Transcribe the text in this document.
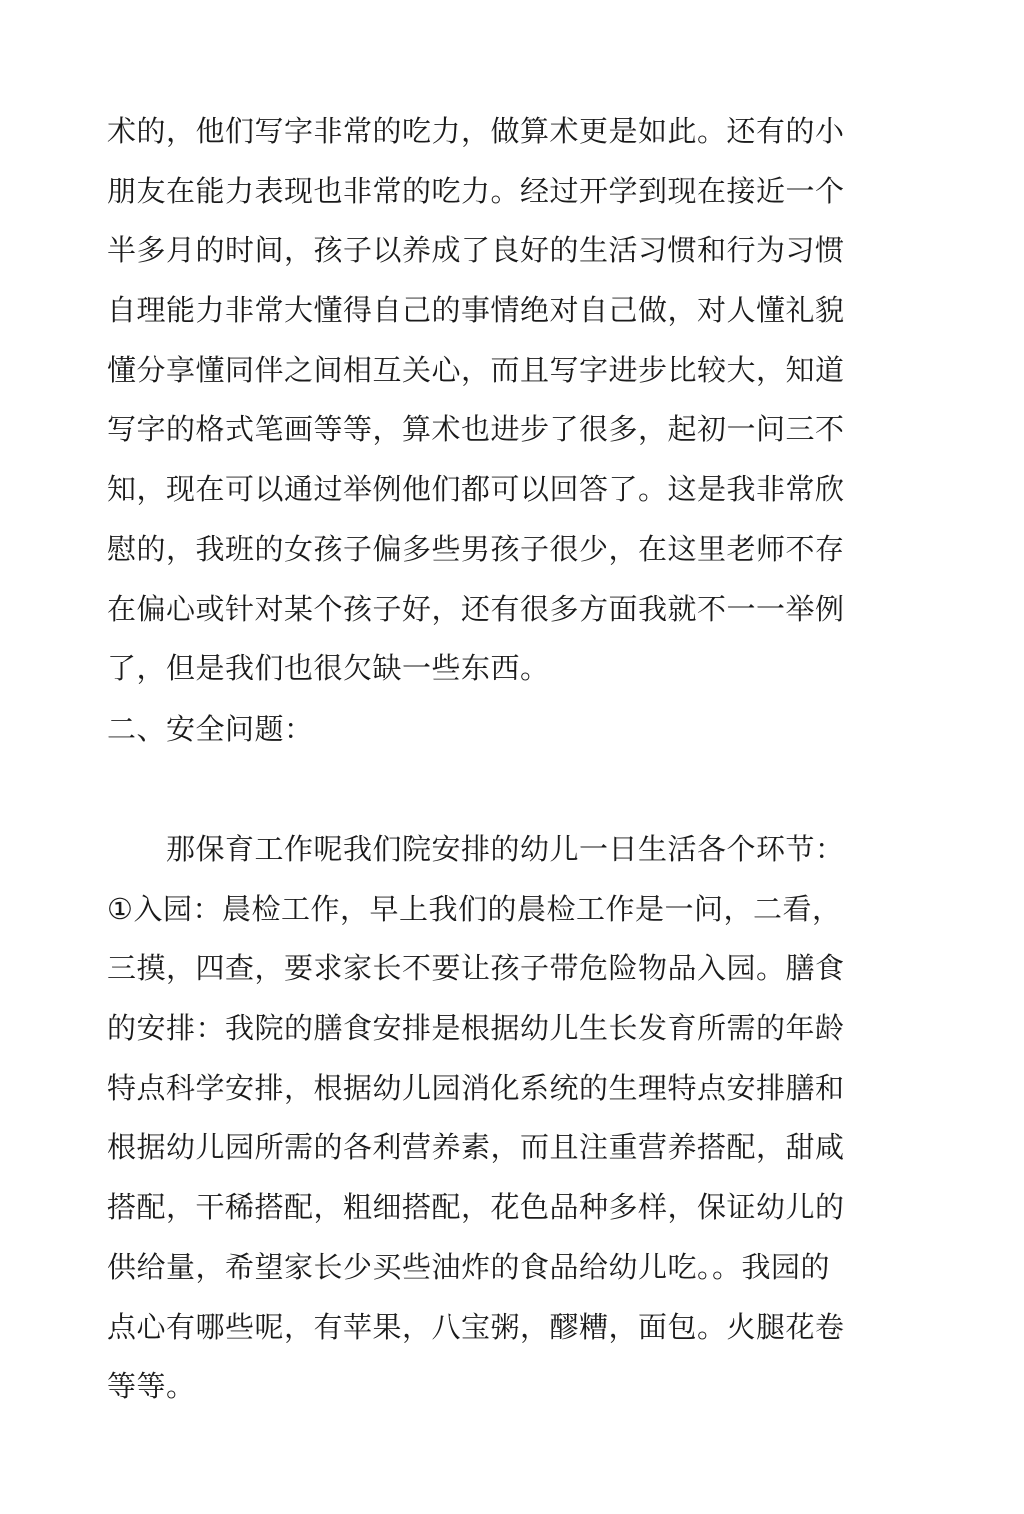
术的，他们写字非常的吃力，做算术更是如此。还有的小
朋友在能力表现也非常的吃力。经过开学到现在接近一个
半多月的时间，孩子以养成了良好的生活习惯和行为习惯
自理能力非常大懂得自己的事情绝对自己做，对人懂礼貌
懂分享懂同伴之间相互关心，而且写字进步比较大，知道
写字的格式笔画等等，算术也进步了很多，起初一问三不
知，现在可以通过举例他们都可以回答了。这是我非常欣
慰的，我班的女孩子偏多些男孩子很少，在这里老师不存
在偏心或针对某个孩子好，还有很多方面我就不一一举例
了，但是我们也很欠缺一些东西。

二、安全问题：

　　那保育工作呢我们院安排的幼儿一日生活各个环节：
①入园：晨检工作，早上我们的晨检工作是一问，二看，
三摸，四查，要求家长不要让孩子带危险物品入园。膳食
的安排：我院的膳食安排是根据幼儿生长发育所需的年龄
特点科学安排，根据幼儿园消化系统的生理特点安排膳和
根据幼儿园所需的各利营养素，而且注重营养搭配，甜咸
搭配，干稀搭配，粗细搭配，花色品种多样，保证幼儿的
供给量，希望家长少买些油炸的食品给幼儿吃。。我园的
点心有哪些呢，有苹果，八宝粥，醪糟，面包。火腿花卷
等等。
